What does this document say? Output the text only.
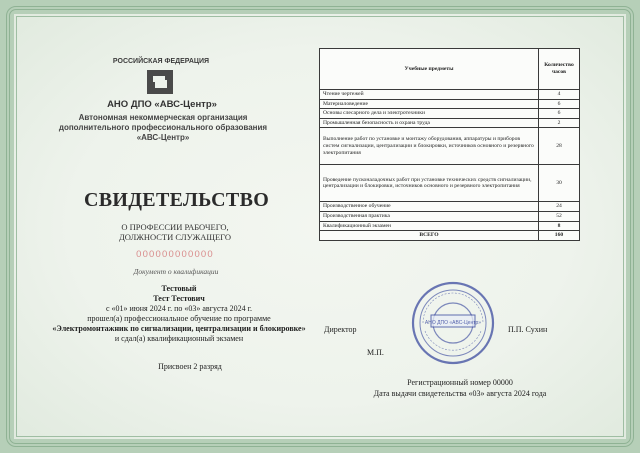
РОССИЙСКАЯ ФЕДЕРАЦИЯ
АНО ДПО «АВС-Центр»
Автономная некоммерческая организация
дополнительного профессионального образования
«АВС-Центр»
СВИДЕТЕЛЬСТВО
О ПРОФЕССИИ РАБОЧЕГО,
ДОЛЖНОСТИ СЛУЖАЩЕГО
000000000000
Документ о квалификации
Тестовый
Тест Тестович
с «01» июня 2024 г. по «03» августа 2024 г.
прошел(а) профессиональное обучение по программе
«Электромонтажник по сигнализации, централизации и блокировке»
и сдал(а) квалификационный экзамен
Присвоен 2 разряд
Учебные предметы	Количество часов
Чтение чертежей	4
Материаловедение	6
Основы слесарного дела и электротехники	6
Промышленная безопасность и охрана труда	2
Выполнение работ по установке и монтажу оборудования, аппаратуры и приборов систем сигнализации, централизации и блокировки, источников основного и резервного электропитания	28
Проведение пусконаладочных работ при установке технических средств сигнализации, централизации и блокировки, источников основного и резервного электропитания	30
Производственное обучение	24
Производственная практика	52
Квалификационный экзамен	8
ВСЕГО	160
АНО ДПО «АВС-Центр»
Директор	П.П. Сухин
М.П.
Регистрационный номер 00000
Дата выдачи свидетельства «03» августа 2024 года
